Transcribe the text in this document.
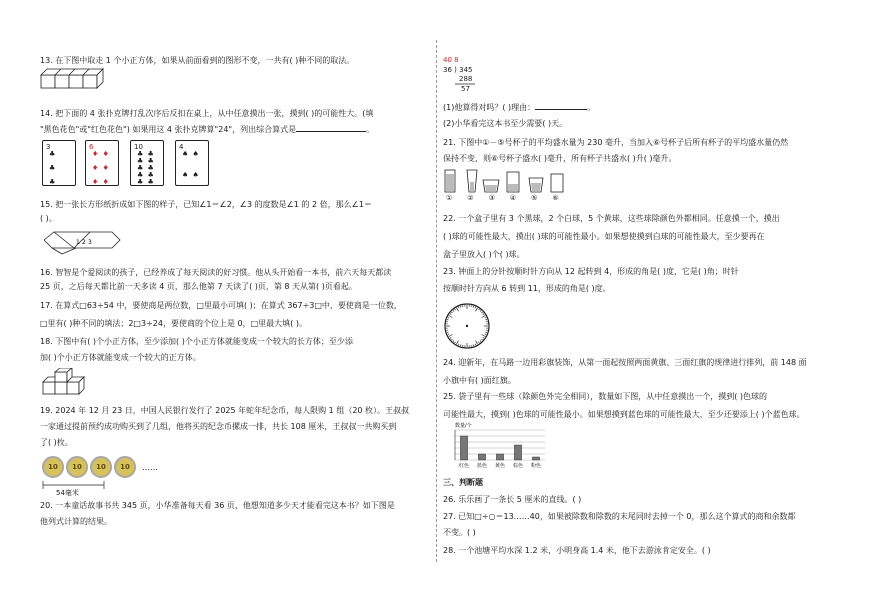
13. 在下图中取走 1 个小正方体，如果从前面看到的图形不变，一共有( )种不同的取法。
14. 把下面的 4 张扑克牌打乱次序后反扣在桌上，从中任意摸出一张，摸到( )的可能性大。(填
"黑色花色"或"红色花色") 如果用这 4 张扑克牌算"24"，列出综合算式是	。
3
♣

♣

♣
6
♦ ♦

♦ ♦

♦ ♦
10
♣ ♣
♣ ♣
♣ ♣
♣ ♣
♣ ♣
4
♠ ♠

♠ ♠
15. 把一张长方形纸折成如下图的样子，已知∠1＝∠2，∠3 的度数是∠1 的 2 倍，那么∠1＝
( )。
1 2 3
16. 智智是个爱阅读的孩子，已经养成了每天阅读的好习惯。他从头开始看一本书，前六天每天都读
25 页，之后每天都比前一天多读 4 页，那么他第 7 天读了( )页，第 8 天从第( )页看起。
17. 在算式□63÷54 中，要使商是两位数，□里最小可填( )；在算式 367÷3□中，要使商是一位数，
□里有( )种不同的填法；2□3÷24，要使商的个位上是 0，□里最大填( )。
18. 下图中有( )个小正方体，至少添加( )个小正方体就能变成一个较大的长方体；至少添
加( )个小正方体就能变成一个较大的正方体。
19. 2024 年 12 月 23 日，中国人民银行发行了 2025 年蛇年纪念币，每人限购 1 组（20 枚）。王叔叔
一家通过提前预约成功购买到了几组，他将买的纪念币摞成一排，共长 108 厘米，王叔叔一共购买到
了( )枚。
10	10	10	10	……
54毫米
20. 一本童话故事书共 345 页，小华准备每天看 36 页，他想知道多少天才能看完这本书？如下图是
他列式计算的结果。
40 8
36 ) 345
288
57
(1)他算得对吗？( )理由：	。
(2)小华看完这本书至少需要( )天。
21. 下图中①－⑤号杯子的平均盛水量为 230 毫升，当加入⑥号杯子后所有杯子的平均盛水量仍然
保持不变，则⑥号杯子盛水( )毫升，所有杯子共盛水( )升( )毫升。
①②③④⑤⑥
22. 一个盒子里有 3 个黑球，2 个白球，5 个黄球，这些球除颜色外都相同。任意摸一个，摸出
( )球的可能性最大，摸出( )球的可能性最小。如果想使摸到白球的可能性最大，至少要再在
盒子里放入( )个( )球。
23. 钟面上的分针按顺时针方向从 12 起转到 4，形成的角是( )度，它是( )角；时针
按顺时针方向从 6 转到 11，形成的角是( )度。
24. 迎新年，在马路一边用彩旗装饰，从第一面起按照两面黄旗、三面红旗的规律进行排列，前 148 面
小旗中有( )面红旗。
25. 袋子里有一些球（除颜色外完全相同），数量如下图，从中任意摸出一个，摸到( )色球的
可能性最大，摸到( )色球的可能性最小。如果想摸到蓝色球的可能性最大，至少还要添上( )个蓝色球。
数量/个
红色 蓝色 黄色 棕色 粉色
三、判断题
26. 乐乐画了一条长 5 厘米的直线。( )
27. 已知□÷○＝13……40，如果被除数和除数的末尾同时去掉一个 0，那么这个算式的商和余数都
不变。( )
28. 一个池塘平均水深 1.2 米，小明身高 1.4 米，他下去游泳肯定安全。( )
